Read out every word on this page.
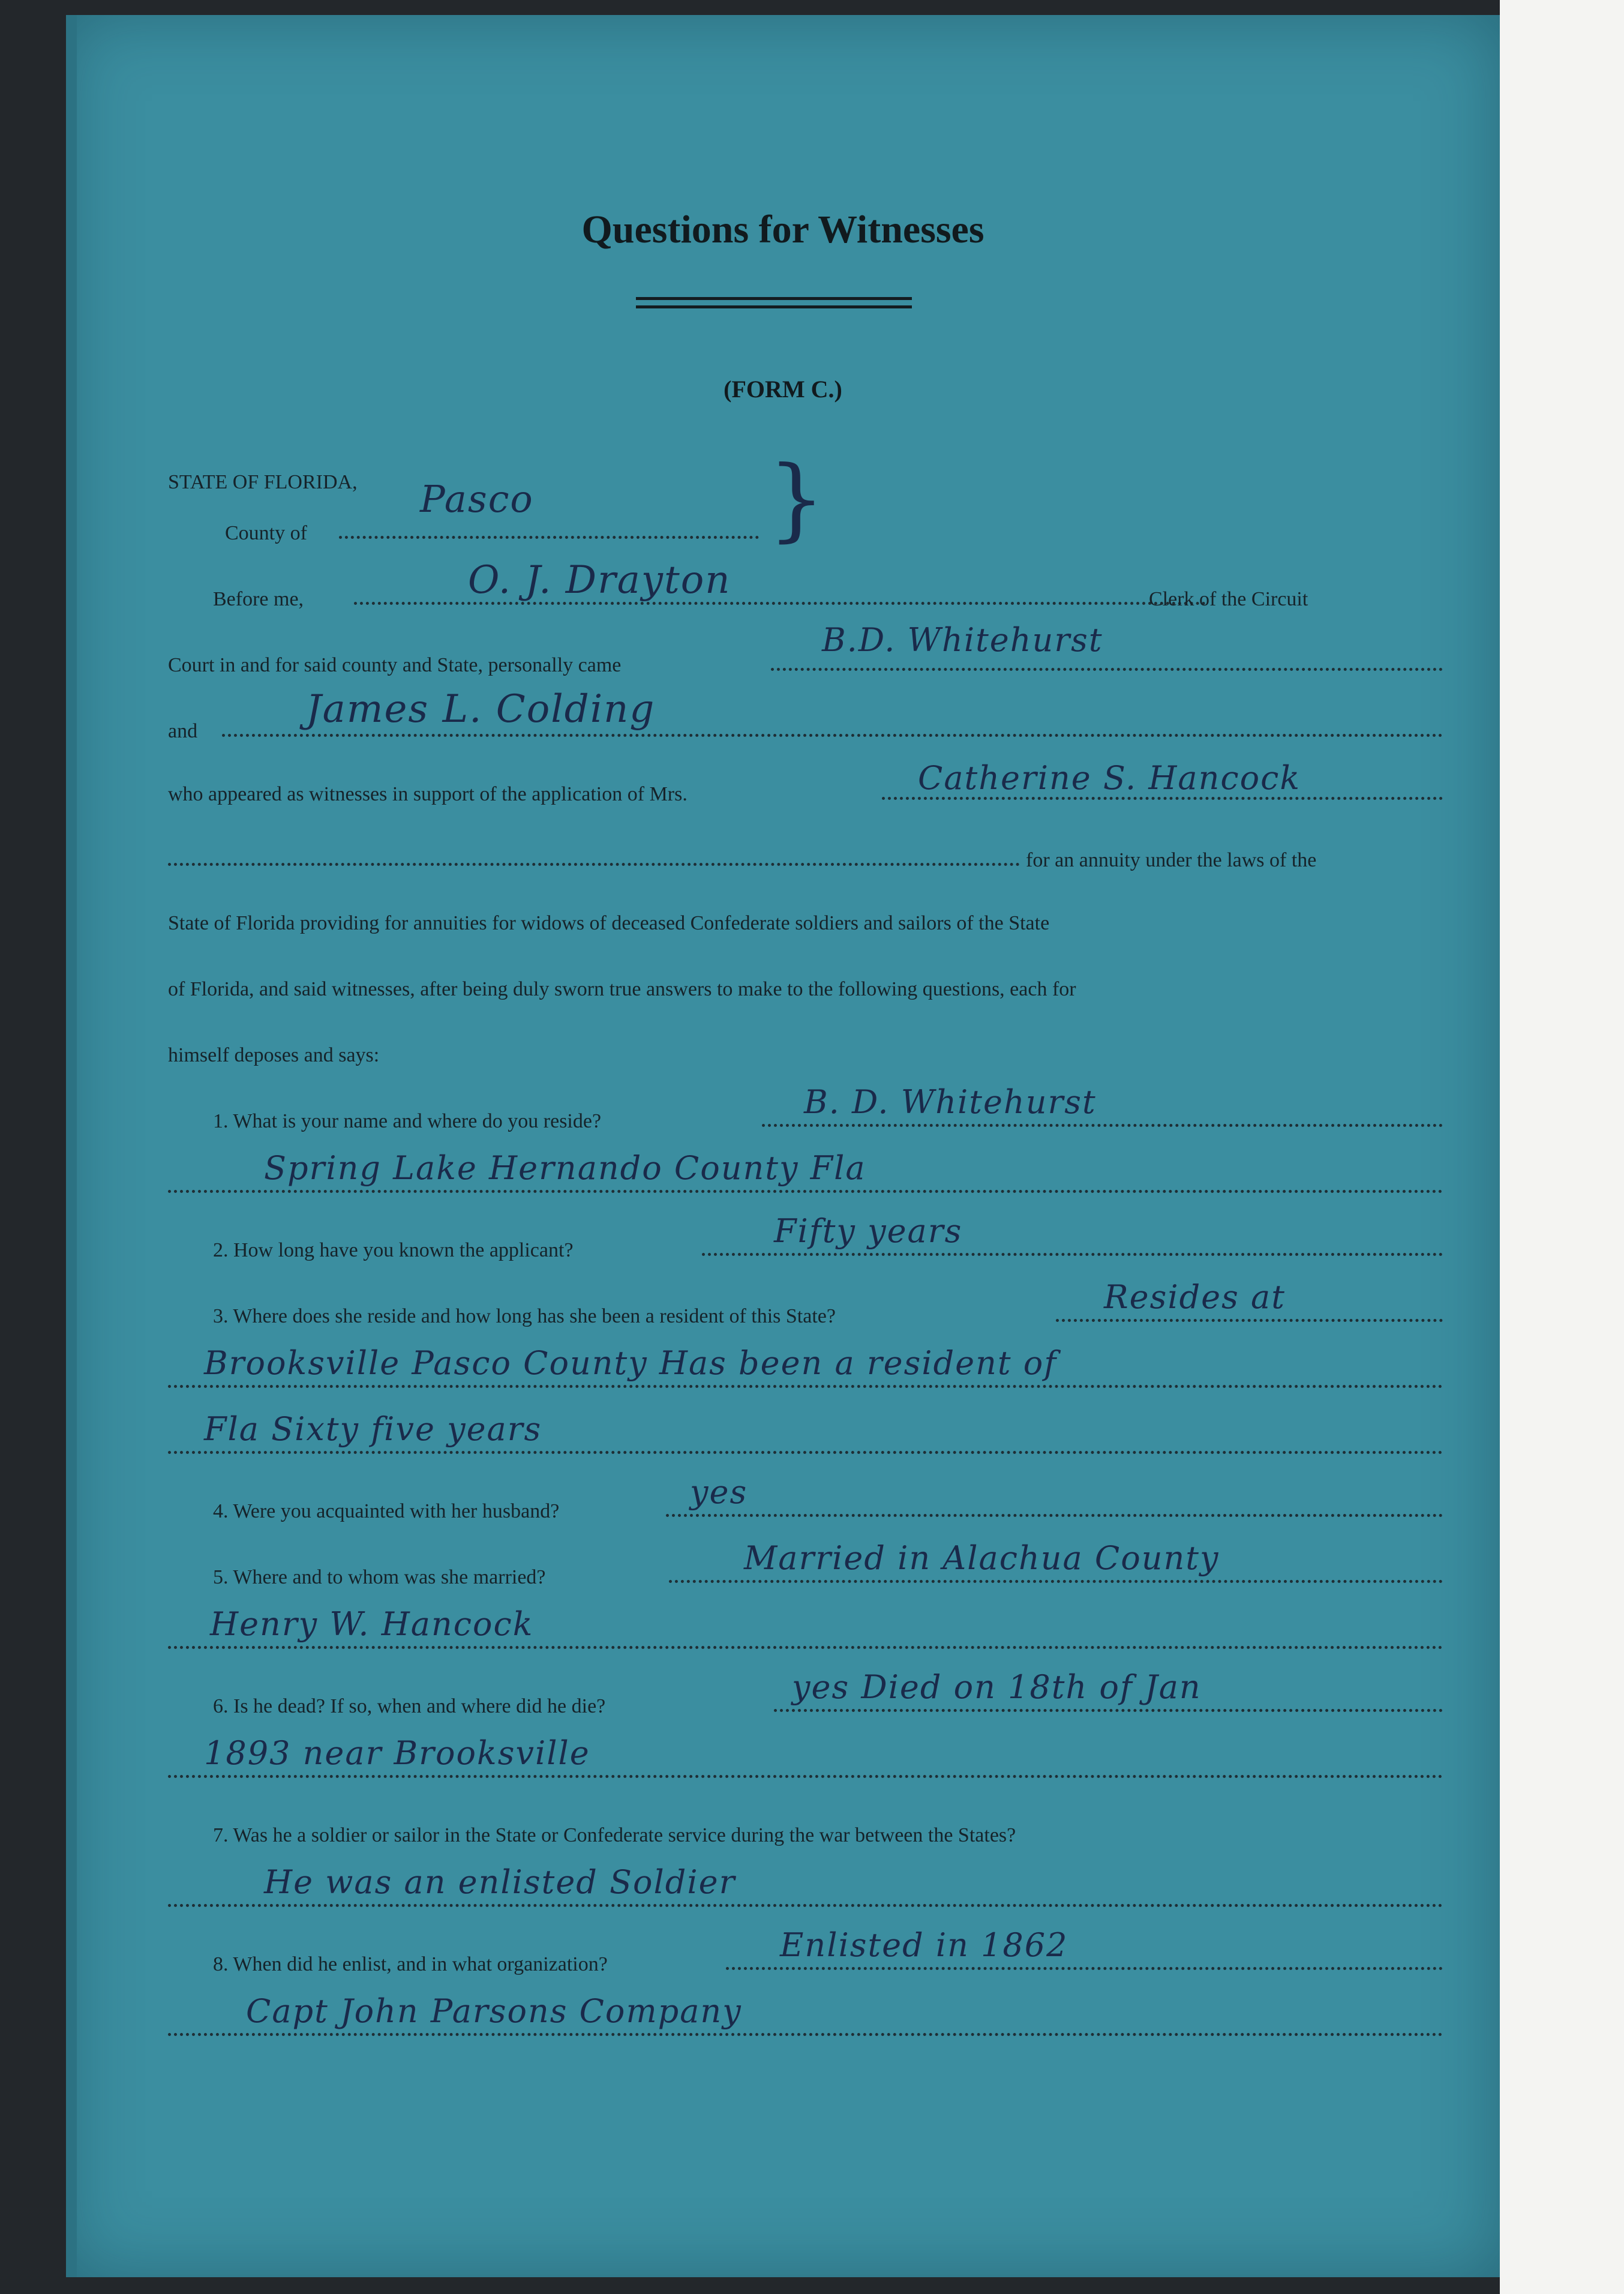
Questions for Witnesses
(FORM C.)
STATE OF FLORIDA,
County of
Pasco	}
Before me,	O. J. Drayton	Clerk of the Circuit
Court in and for said county and State, personally came
B.D. Whitehurst
and	James L. Colding
who appeared as witnesses in support of the application of Mrs.	Catherine S. Hancock
for an annuity under the laws of the
State of Florida providing for annuities for widows of deceased Confederate soldiers and sailors of the State
of Florida, and said witnesses, after being duly sworn true answers to make to the following questions, each for
himself deposes and says:
1. What is your name and where do you reside?
B. D. Whitehurst
Spring Lake Hernando County Fla
2. How long have you known the applicant?
Fifty years
3. Where does she reside and how long has she been a resident of this State?
Resides at
Brooksville Pasco County Has been a resident of
Fla Sixty five years
4. Were you acquainted with her husband?
yes
5. Where and to whom was she married?
Married in Alachua County
Henry W. Hancock
6. Is he dead? If so, when and where did he die?
yes Died on 18th of Jan
1893 near Brooksville
7. Was he a soldier or sailor in the State or Confederate service during the war between the States?
He was an enlisted Soldier
8. When did he enlist, and in what organization?
Enlisted in 1862
Capt John Parsons Company
